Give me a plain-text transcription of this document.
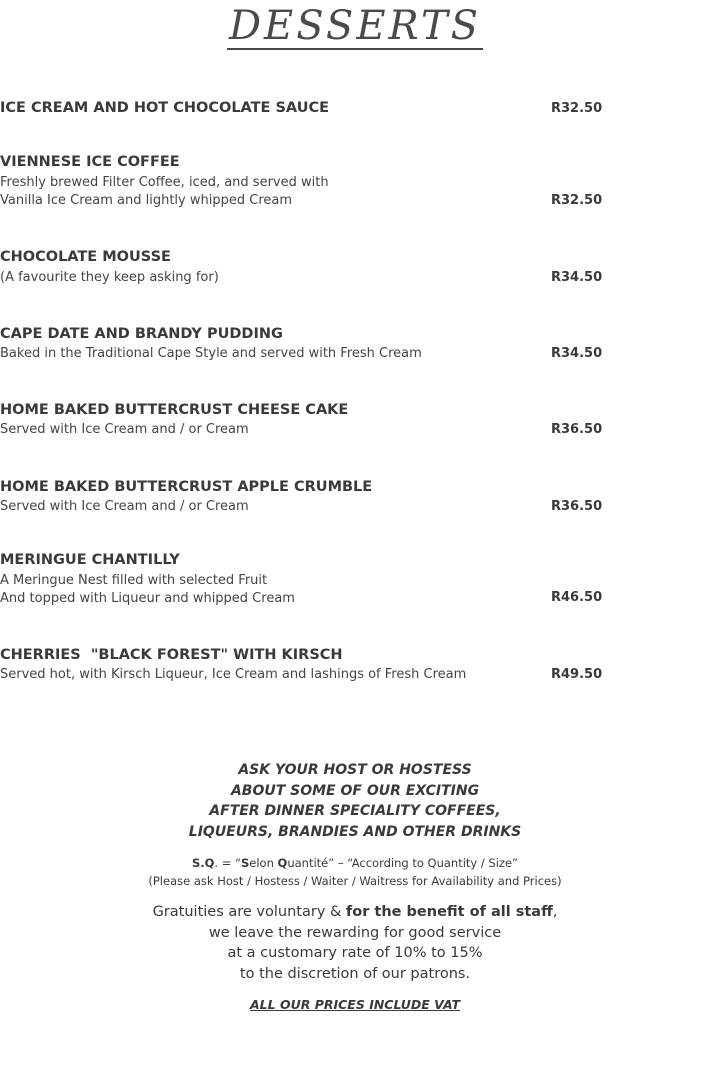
DESSERTS
ICE CREAM AND HOT CHOCOLATE SAUCE	R32.50
VIENNESE ICE COFFEE
Freshly brewed Filter Coffee, iced, and served with
Vanilla Ice Cream and lightly whipped Cream	R32.50
CHOCOLATE MOUSSE
(A favourite they keep asking for)	R34.50
CAPE DATE AND BRANDY PUDDING
Baked in the Traditional Cape Style and served with Fresh Cream	R34.50
HOME BAKED BUTTERCRUST CHEESE CAKE
Served with Ice Cream and / or Cream	R36.50
HOME BAKED BUTTERCRUST APPLE CRUMBLE
Served with Ice Cream and / or Cream	R36.50
MERINGUE CHANTILLY
A Meringue Nest filled with selected Fruit
And topped with Liqueur and whipped Cream	R46.50
CHERRIES  "BLACK FOREST" WITH KIRSCH
Served hot, with Kirsch Liqueur, Ice Cream and lashings of Fresh Cream	R49.50
ASK YOUR HOST OR HOSTESS
ABOUT SOME OF OUR EXCITING
AFTER DINNER SPECIALITY COFFEES,
LIQUEURS, BRANDIES AND OTHER DRINKS
S.Q. = “Selon Quantité” – “According to Quantity / Size”
(Please ask Host / Hostess / Waiter / Waitress for Availability and Prices)
Gratuities are voluntary & for the benefit of all staff,
we leave the rewarding for good service
at a customary rate of 10% to 15%
to the discretion of our patrons.
ALL OUR PRICES INCLUDE VAT
